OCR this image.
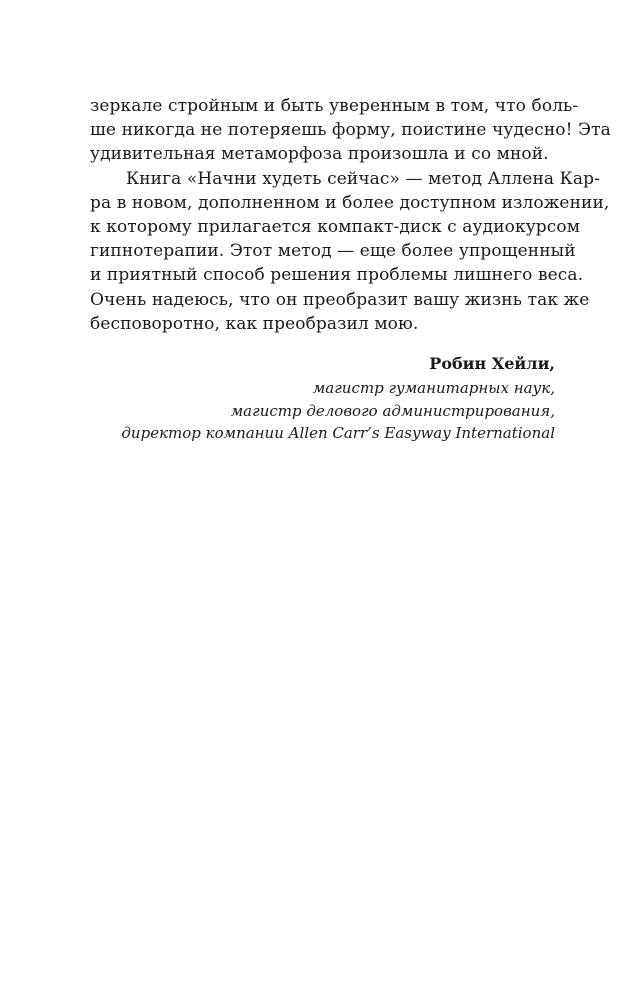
зеркале стройным и быть уверенным в том, что боль-
ше никогда не потеряешь форму, поистине чудесно! Эта
удивительная метаморфоза произошла и со мной.
Книга «Начни худеть сейчас» — метод Аллена Кар-
ра в новом, дополненном и более доступном изложении,
к которому прилагается компакт-диск с аудиокурсом
гипнотерапии. Этот метод — еще более упрощенный
и приятный способ решения проблемы лишнего веса.
Очень надеюсь, что он преобразит вашу жизнь так же
бесповоротно, как преобразил мою.
Робин Хейли,
магистр гуманитарных наук,
магистр делового администрирования,
директор компании Allen Carr’s Easyway International
